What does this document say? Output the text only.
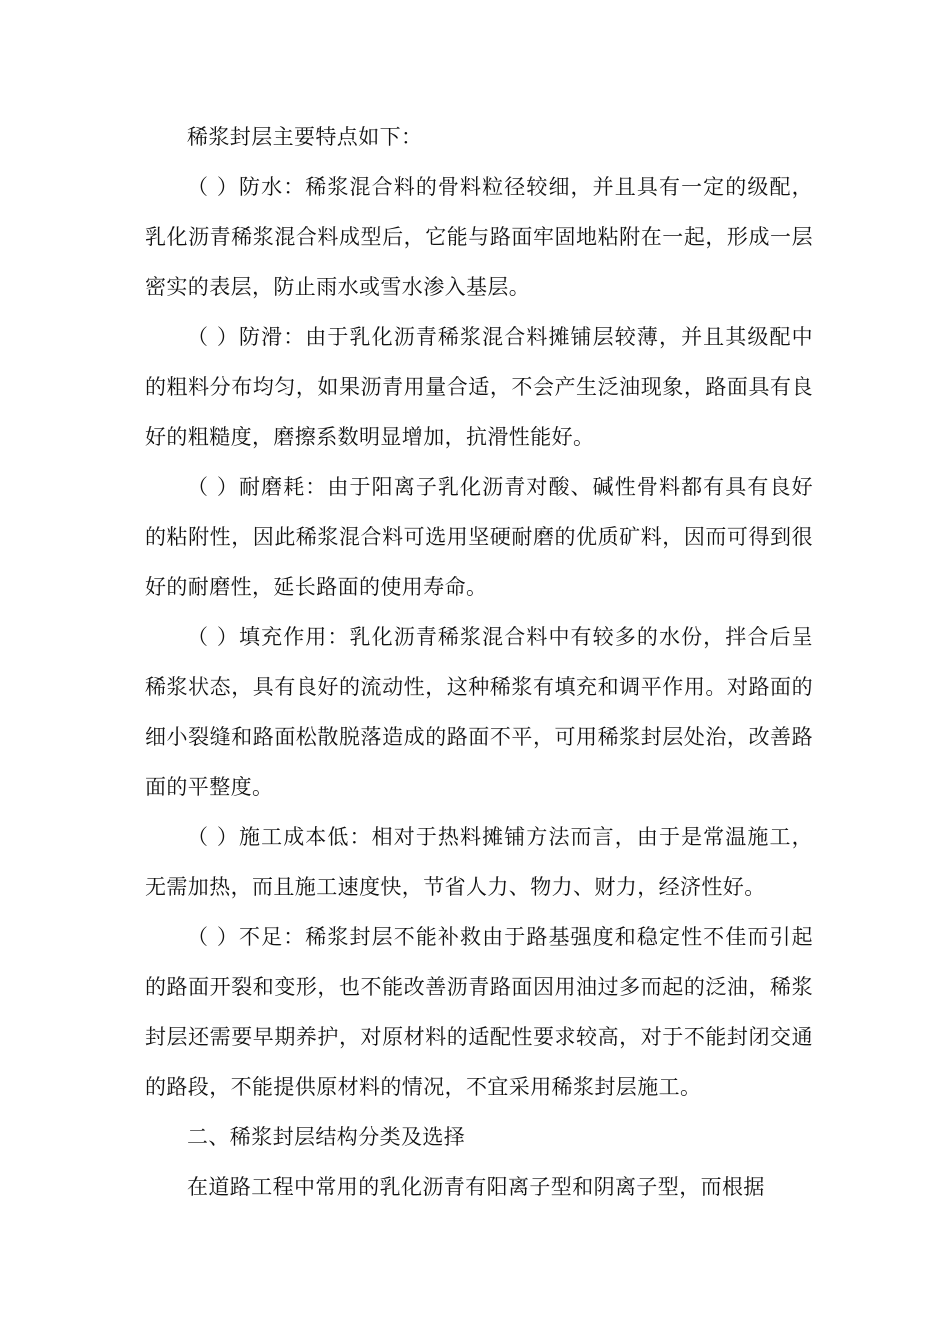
稀浆封层主要特点如下：

（ ）防水：稀浆混合料的骨料粒径较细，并且具有一定的级配，乳化沥青稀浆混合料成型后，它能与路面牢固地粘附在一起，形成一层密实的表层，防止雨水或雪水渗入基层。

（ ）防滑：由于乳化沥青稀浆混合料摊铺层较薄，并且其级配中的粗料分布均匀，如果沥青用量合适，不会产生泛油现象，路面具有良好的粗糙度，磨擦系数明显增加，抗滑性能好。

（ ）耐磨耗：由于阳离子乳化沥青对酸、碱性骨料都有具有良好的粘附性，因此稀浆混合料可选用坚硬耐磨的优质矿料，因而可得到很好的耐磨性，延长路面的使用寿命。

（ ）填充作用：乳化沥青稀浆混合料中有较多的水份，拌合后呈稀浆状态，具有良好的流动性，这种稀浆有填充和调平作用。对路面的细小裂缝和路面松散脱落造成的路面不平，可用稀浆封层处治，改善路面的平整度。

（ ）施工成本低：相对于热料摊铺方法而言，由于是常温施工，无需加热，而且施工速度快，节省人力、物力、财力，经济性好。

（ ）不足：稀浆封层不能补救由于路基强度和稳定性不佳而引起的路面开裂和变形，也不能改善沥青路面因用油过多而起的泛油，稀浆封层还需要早期养护，对原材料的适配性要求较高，对于不能封闭交通的路段，不能提供原材料的情况，不宜采用稀浆封层施工。

二、稀浆封层结构分类及选择

在道路工程中常用的乳化沥青有阳离子型和阴离子型，而根据
